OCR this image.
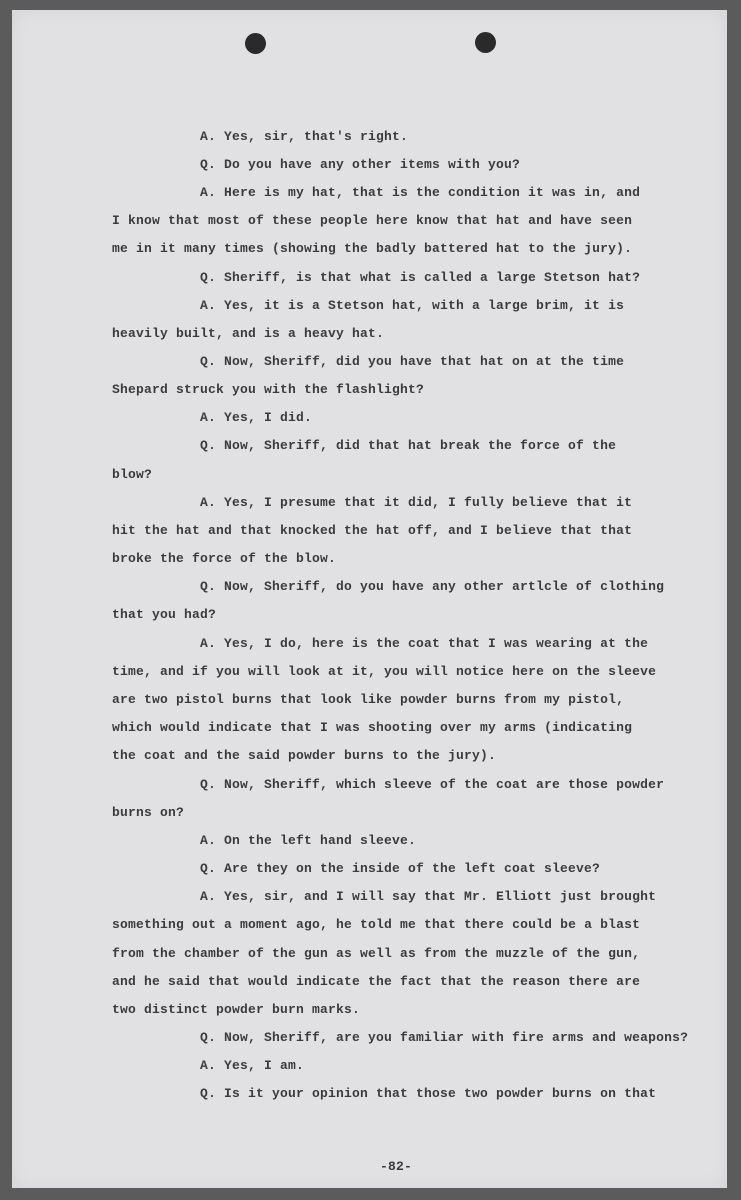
A. Yes, sir, that's right.
Q. Do you have any other items with you?
A. Here is my hat, that is the condition it was in, and
I know that most of these people here know that hat and have seen
me in it many times (showing the badly battered hat to the jury).
Q. Sheriff, is that what is called a large Stetson hat?
A. Yes, it is a Stetson hat, with a large brim, it is
heavily built, and is a heavy hat.
Q. Now, Sheriff, did you have that hat on at the time
Shepard struck you with the flashlight?
A. Yes, I did.
Q. Now, Sheriff, did that hat break the force of the
blow?
A. Yes, I presume that it did, I fully believe that it
hit the hat and that knocked the hat off, and I believe that that
broke the force of the blow.
Q. Now, Sheriff, do you have any other artlcle of clothing
that you had?
A. Yes, I do, here is the coat that I was wearing at the
time, and if you will look at it, you will notice here on the sleeve
are two pistol burns that look like powder burns from my pistol,
which would indicate that I was shooting over my arms (indicating
the coat and the said powder burns to the jury).
Q. Now, Sheriff, which sleeve of the coat are those powder
burns on?
A. On the left hand sleeve.
Q. Are they on the inside of the left coat sleeve?
A. Yes, sir, and I will say that Mr. Elliott just brought
something out a moment ago, he told me that there could be a blast
from the chamber of the gun as well as from the muzzle of the gun,
and he said that would indicate the fact that the reason there are
two distinct powder burn marks.
Q. Now, Sheriff, are you familiar with fire arms and weapons?
A. Yes, I am.
Q. Is it your opinion that those two powder burns on that
-82-
